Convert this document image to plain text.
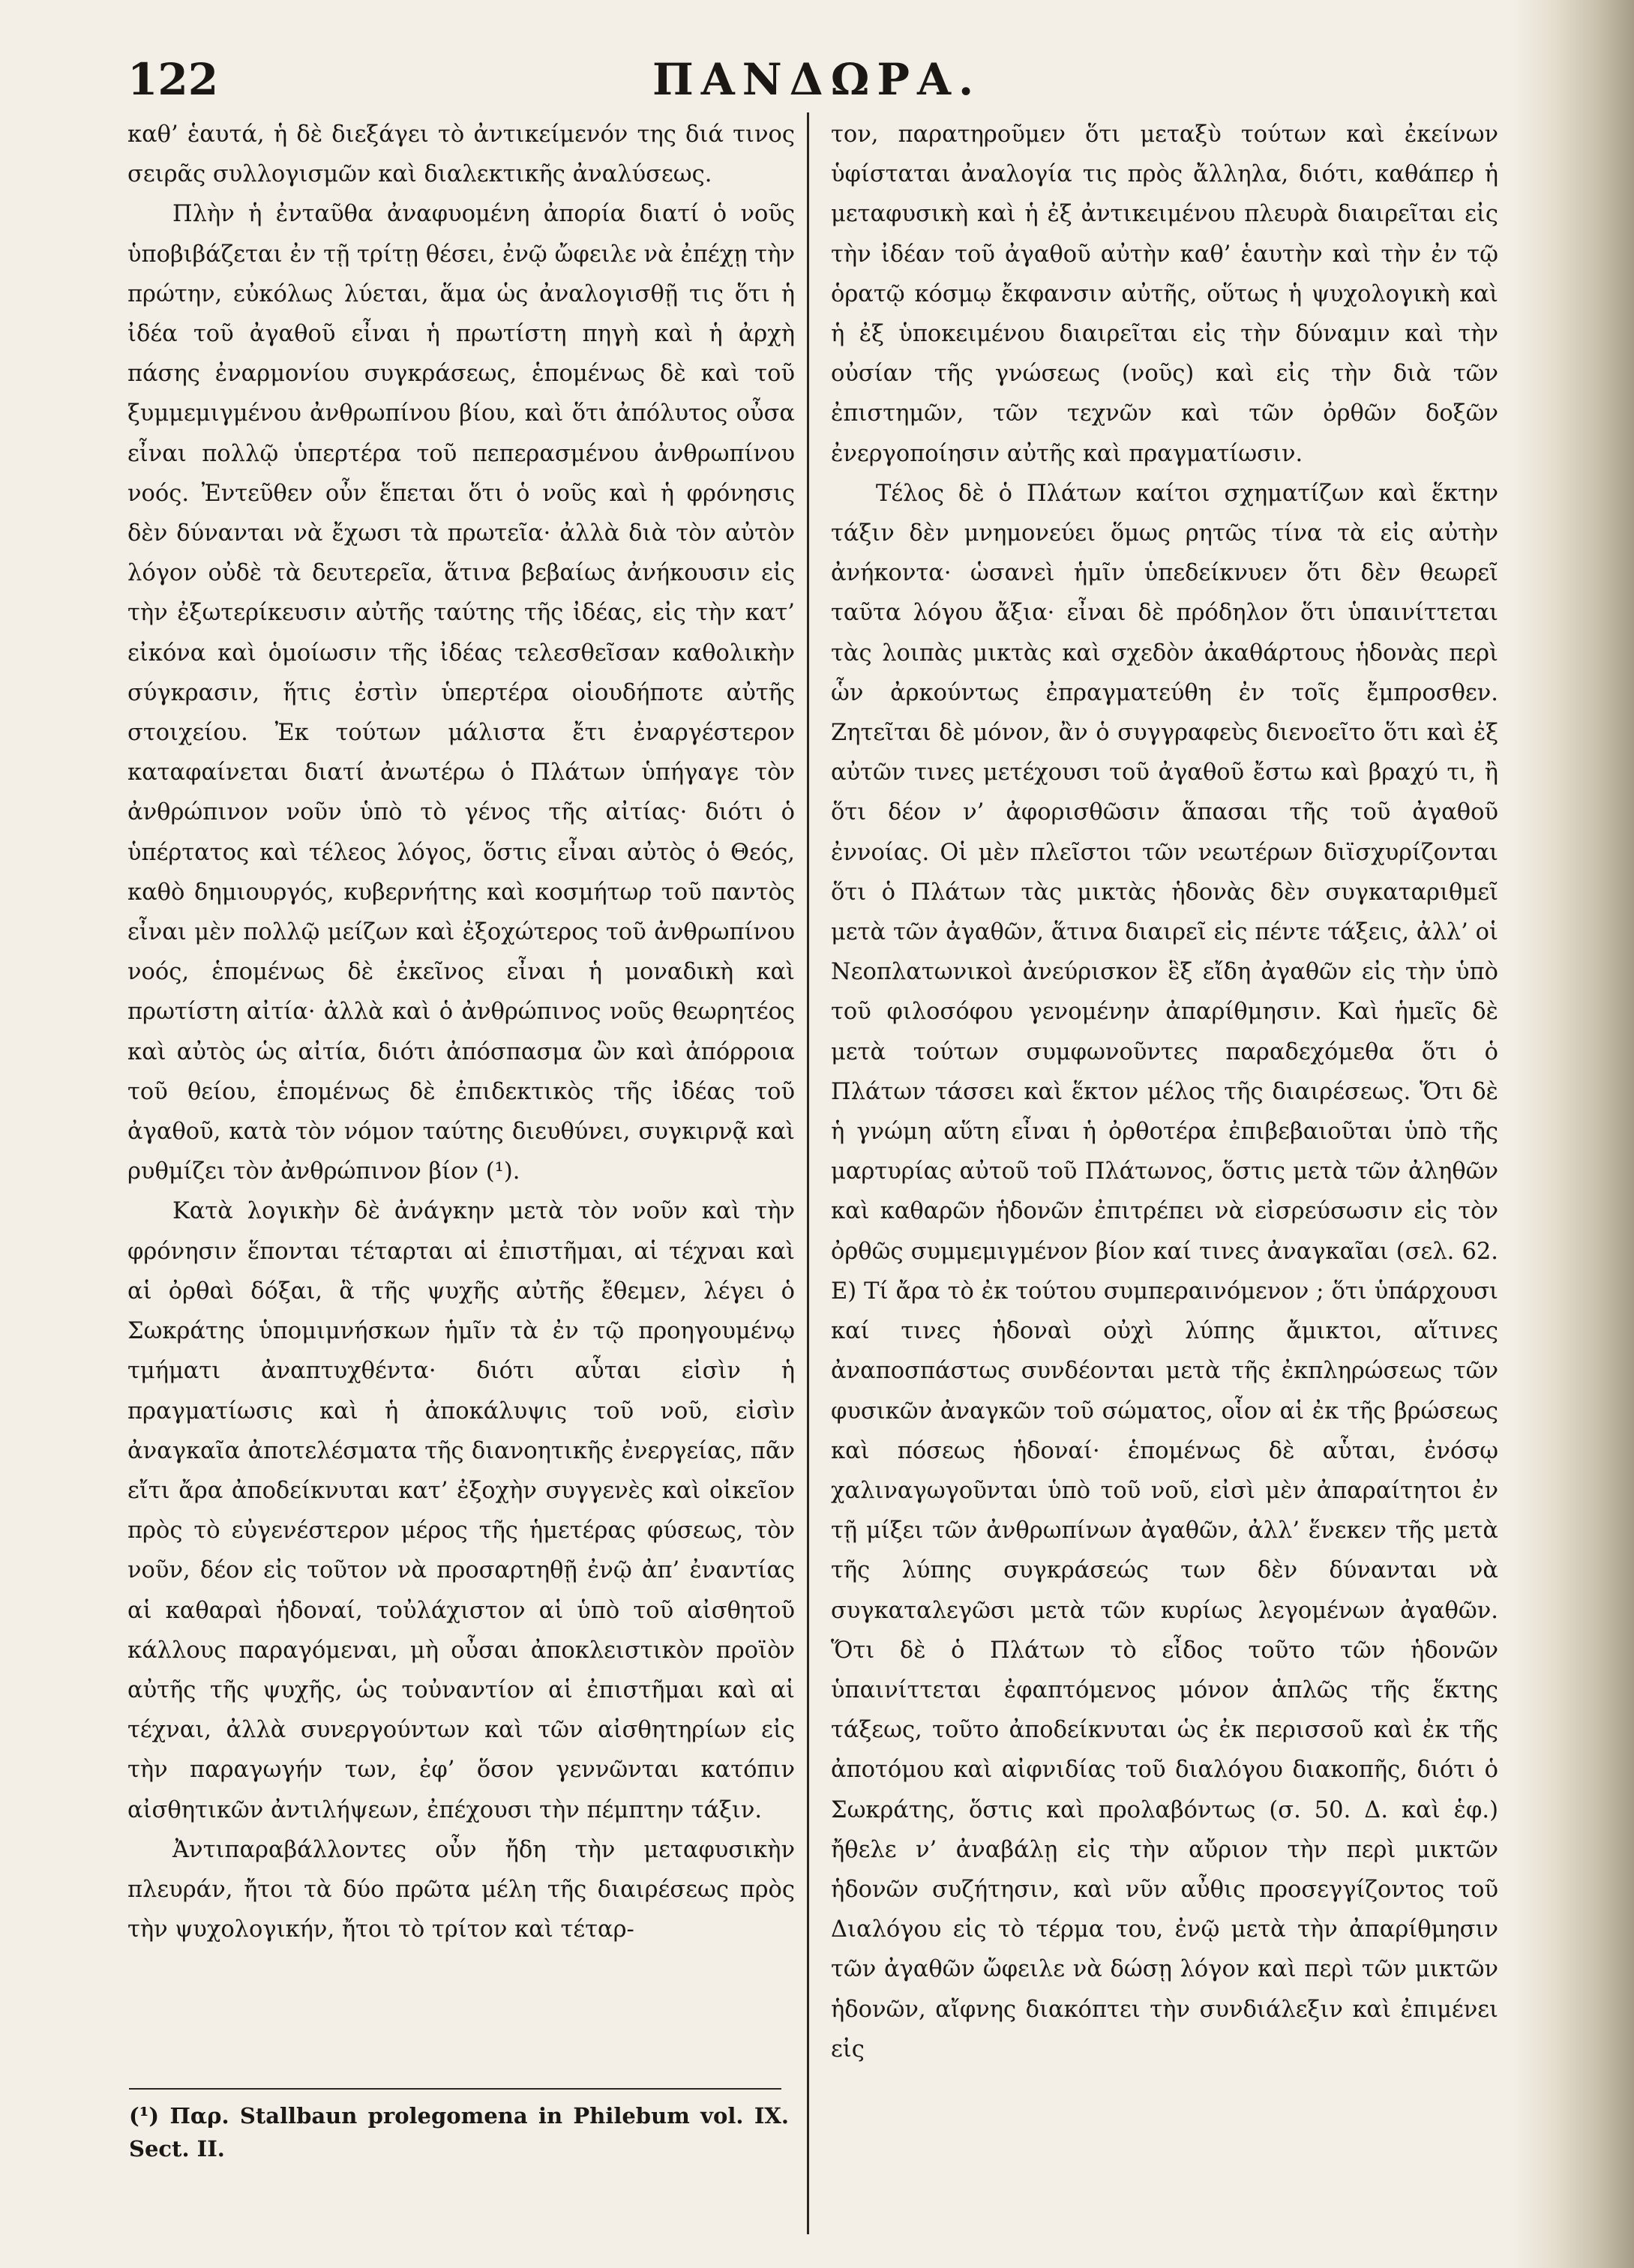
122	ΠΑΝΔΩΡΑ.

καθ’ ἑαυτά, ἡ δὲ διεξάγει τὸ ἀντικείμενόν της διά τινος σειρᾶς συλλογισμῶν καὶ διαλεκτικῆς ἀναλύσεως.

Πλὴν ἡ ἐνταῦθα ἀναφυομένη ἀπορία διατί ὁ νοῦς ὑποβιβάζεται ἐν τῇ τρίτῃ θέσει, ἐνῷ ὤφειλε νὰ ἐπέχῃ τὴν πρώτην, εὐκόλως λύεται, ἅμα ὡς ἀναλογισθῇ τις ὅτι ἡ ἰδέα τοῦ ἀγαθοῦ εἶναι ἡ πρωτίστη πηγὴ καὶ ἡ ἀρχὴ πάσης ἐναρμονίου συγκράσεως, ἑπομένως δὲ καὶ τοῦ ξυμμεμιγμένου ἀνθρωπίνου βίου, καὶ ὅτι ἀπόλυτος οὖσα εἶναι πολλῷ ὑπερτέρα τοῦ πεπερασμένου ἀνθρωπίνου νοός. Ἐντεῦθεν οὖν ἕπεται ὅτι ὁ νοῦς καὶ ἡ φρόνησις δὲν δύνανται νὰ ἔχωσι τὰ πρωτεῖα· ἀλλὰ διὰ τὸν αὐτὸν λόγον οὐδὲ τὰ δευτερεῖα, ἅτινα βεβαίως ἀνήκουσιν εἰς τὴν ἐξωτερίκευσιν αὐτῆς ταύτης τῆς ἰδέας, εἰς τὴν κατ’ εἰκόνα καὶ ὁμοίωσιν τῆς ἰδέας τελεσθεῖσαν καθολικὴν σύγκρασιν, ἥτις ἐστὶν ὑπερτέρα οἱουδήποτε αὐτῆς στοιχείου. Ἐκ τούτων μάλιστα ἔτι ἐναργέστερον καταφαίνεται διατί ἀνωτέρω ὁ Πλάτων ὑπήγαγε τὸν ἀνθρώπινον νοῦν ὑπὸ τὸ γένος τῆς αἰτίας· διότι ὁ ὑπέρτατος καὶ τέλεος λόγος, ὅστις εἶναι αὐτὸς ὁ Θεός, καθὸ δημιουργός, κυβερνήτης καὶ κοσμήτωρ τοῦ παντὸς εἶναι μὲν πολλῷ μείζων καὶ ἐξοχώτερος τοῦ ἀνθρωπίνου νοός, ἑπομένως δὲ ἐκεῖνος εἶναι ἡ μοναδικὴ καὶ πρωτίστη αἰτία· ἀλλὰ καὶ ὁ ἀνθρώπινος νοῦς θεωρητέος καὶ αὐτὸς ὡς αἰτία, διότι ἀπόσπασμα ὢν καὶ ἀπόρροια τοῦ θείου, ἑπομένως δὲ ἐπιδεκτικὸς τῆς ἰδέας τοῦ ἀγαθοῦ, κατὰ τὸν νόμον ταύτης διευθύνει, συγκιρνᾷ καὶ ρυθμίζει τὸν ἀνθρώπινον βίον (¹).

Κατὰ λογικὴν δὲ ἀνάγκην μετὰ τὸν νοῦν καὶ τὴν φρόνησιν ἕπονται τέταρται αἱ ἐπιστῆμαι, αἱ τέχναι καὶ αἱ ὀρθαὶ δόξαι, ἃ τῆς ψυχῆς αὐτῆς ἔθεμεν, λέγει ὁ Σωκράτης ὑπομιμνήσκων ἡμῖν τὰ ἐν τῷ προηγουμένῳ τμήματι ἀναπτυχθέντα· διότι αὗται εἰσὶν ἡ πραγματίωσις καὶ ἡ ἀποκάλυψις τοῦ νοῦ, εἰσὶν ἀναγκαῖα ἀποτελέσματα τῆς διανοητικῆς ἐνεργείας, πᾶν εἴτι ἄρα ἀποδείκνυται κατ’ ἐξοχὴν συγγενὲς καὶ οἰκεῖον πρὸς τὸ εὐγενέστερον μέρος τῆς ἡμετέρας φύσεως, τὸν νοῦν, δέον εἰς τοῦτον νὰ προσαρτηθῇ ἐνῷ ἀπ’ ἐναντίας αἱ καθαραὶ ἡδοναί, τοὐλάχιστον αἱ ὑπὸ τοῦ αἰσθητοῦ κάλλους παραγόμεναι, μὴ οὖσαι ἀποκλειστικὸν προϊὸν αὐτῆς τῆς ψυχῆς, ὡς τοὐναντίον αἱ ἐπιστῆμαι καὶ αἱ τέχναι, ἀλλὰ συνεργούντων καὶ τῶν αἰσθητηρίων εἰς τὴν παραγωγήν των, ἐφ’ ὅσον γεννῶνται κατόπιν αἰσθητικῶν ἀντιλήψεων, ἐπέχουσι τὴν πέμπτην τάξιν.

Ἀντιπαραβάλλοντες οὖν ἤδη τὴν μεταφυσικὴν πλευράν, ἤτοι τὰ δύο πρῶτα μέλη τῆς διαιρέσεως πρὸς τὴν ψυχολογικήν, ἤτοι τὸ τρίτον καὶ τέταρ-

τον, παρατηροῦμεν ὅτι μεταξὺ τούτων καὶ ἐκείνων ὑφίσταται ἀναλογία τις πρὸς ἄλληλα, διότι, καθάπερ ἡ μεταφυσικὴ καὶ ἡ ἐξ ἀντικειμένου πλευρὰ διαιρεῖται εἰς τὴν ἰδέαν τοῦ ἀγαθοῦ αὐτὴν καθ’ ἑαυτὴν καὶ τὴν ἐν τῷ ὁρατῷ κόσμῳ ἔκφανσιν αὐτῆς, οὕτως ἡ ψυχολογικὴ καὶ ἡ ἐξ ὑποκειμένου διαιρεῖται εἰς τὴν δύναμιν καὶ τὴν οὐσίαν τῆς γνώσεως (νοῦς) καὶ εἰς τὴν διὰ τῶν ἐπιστημῶν, τῶν τεχνῶν καὶ τῶν ὀρθῶν δοξῶν ἐνεργοποίησιν αὐτῆς καὶ πραγματίωσιν.

Τέλος δὲ ὁ Πλάτων καίτοι σχηματίζων καὶ ἕκτην τάξιν δὲν μνημονεύει ὅμως ρητῶς τίνα τὰ εἰς αὐτὴν ἀνήκοντα· ὡσανεὶ ἡμῖν ὑπεδείκνυεν ὅτι δὲν θεωρεῖ ταῦτα λόγου ἄξια· εἶναι δὲ πρόδηλον ὅτι ὑπαινίττεται τὰς λοιπὰς μικτὰς καὶ σχεδὸν ἀκαθάρτους ἡδονὰς περὶ ὧν ἀρκούντως ἐπραγματεύθη ἐν τοῖς ἔμπροσθεν. Ζητεῖται δὲ μόνον, ἂν ὁ συγγραφεὺς διενοεῖτο ὅτι καὶ ἐξ αὐτῶν τινες μετέχουσι τοῦ ἀγαθοῦ ἔστω καὶ βραχύ τι, ἢ ὅτι δέον ν’ ἀφορισθῶσιν ἅπασαι τῆς τοῦ ἀγαθοῦ ἐννοίας. Οἱ μὲν πλεῖστοι τῶν νεωτέρων διϊσχυρίζονται ὅτι ὁ Πλάτων τὰς μικτὰς ἡδονὰς δὲν συγκαταριθμεῖ μετὰ τῶν ἀγαθῶν, ἅτινα διαιρεῖ εἰς πέντε τάξεις, ἀλλ’ οἱ Νεοπλατωνικοὶ ἀνεύρισκον ἓξ εἴδη ἀγαθῶν εἰς τὴν ὑπὸ τοῦ φιλοσόφου γενομένην ἀπαρίθμησιν. Καὶ ἡμεῖς δὲ μετὰ τούτων συμφωνοῦντες παραδεχόμεθα ὅτι ὁ Πλάτων τάσσει καὶ ἕκτον μέλος τῆς διαιρέσεως. Ὅτι δὲ ἡ γνώμη αὕτη εἶναι ἡ ὀρθοτέρα ἐπιβεβαιοῦται ὑπὸ τῆς μαρτυρίας αὐτοῦ τοῦ Πλάτωνος, ὅστις μετὰ τῶν ἀληθῶν καὶ καθαρῶν ἡδονῶν ἐπιτρέπει νὰ εἰσρεύσωσιν εἰς τὸν ὀρθῶς συμμεμιγμένον βίον καί τινες ἀναγκαῖαι (σελ. 62. Ε) Τί ἄρα τὸ ἐκ τούτου συμπεραινόμενον ; ὅτι ὑπάρχουσι καί τινες ἡδοναὶ οὐχὶ λύπης ἄμικτοι, αἵτινες ἀναποσπάστως συνδέονται μετὰ τῆς ἐκπληρώσεως τῶν φυσικῶν ἀναγκῶν τοῦ σώματος, οἷον αἱ ἐκ τῆς βρώσεως καὶ πόσεως ἡδοναί· ἑπομένως δὲ αὗται, ἐνόσῳ χαλιναγωγοῦνται ὑπὸ τοῦ νοῦ, εἰσὶ μὲν ἀπαραίτητοι ἐν τῇ μίξει τῶν ἀνθρωπίνων ἀγαθῶν, ἀλλ’ ἕνεκεν τῆς μετὰ τῆς λύπης συγκράσεώς των δὲν δύνανται νὰ συγκαταλεγῶσι μετὰ τῶν κυρίως λεγομένων ἀγαθῶν. Ὅτι δὲ ὁ Πλάτων τὸ εἶδος τοῦτο τῶν ἡδονῶν ὑπαινίττεται ἐφαπτόμενος μόνον ἁπλῶς τῆς ἕκτης τάξεως, τοῦτο ἀποδείκνυται ὡς ἐκ περισσοῦ καὶ ἐκ τῆς ἀποτόμου καὶ αἰφνιδίας τοῦ διαλόγου διακοπῆς, διότι ὁ Σωκράτης, ὅστις καὶ προλαβόντως (σ. 50. Δ. καὶ ἑφ.) ἤθελε ν’ ἀναβάλῃ εἰς τὴν αὔριον τὴν περὶ μικτῶν ἡδονῶν συζήτησιν, καὶ νῦν αὖθις προσεγγίζοντος τοῦ Διαλόγου εἰς τὸ τέρμα του, ἐνῷ μετὰ τὴν ἀπαρίθμησιν τῶν ἀγαθῶν ὤφειλε νὰ δώσῃ λόγον καὶ περὶ τῶν μικτῶν ἡδονῶν, αἴφνης διακόπτει τὴν συνδιάλεξιν καὶ ἐπιμένει εἰς

(¹) Παρ. Stallbaun prolegomena in Philebum vol. IX. Sect. II.
